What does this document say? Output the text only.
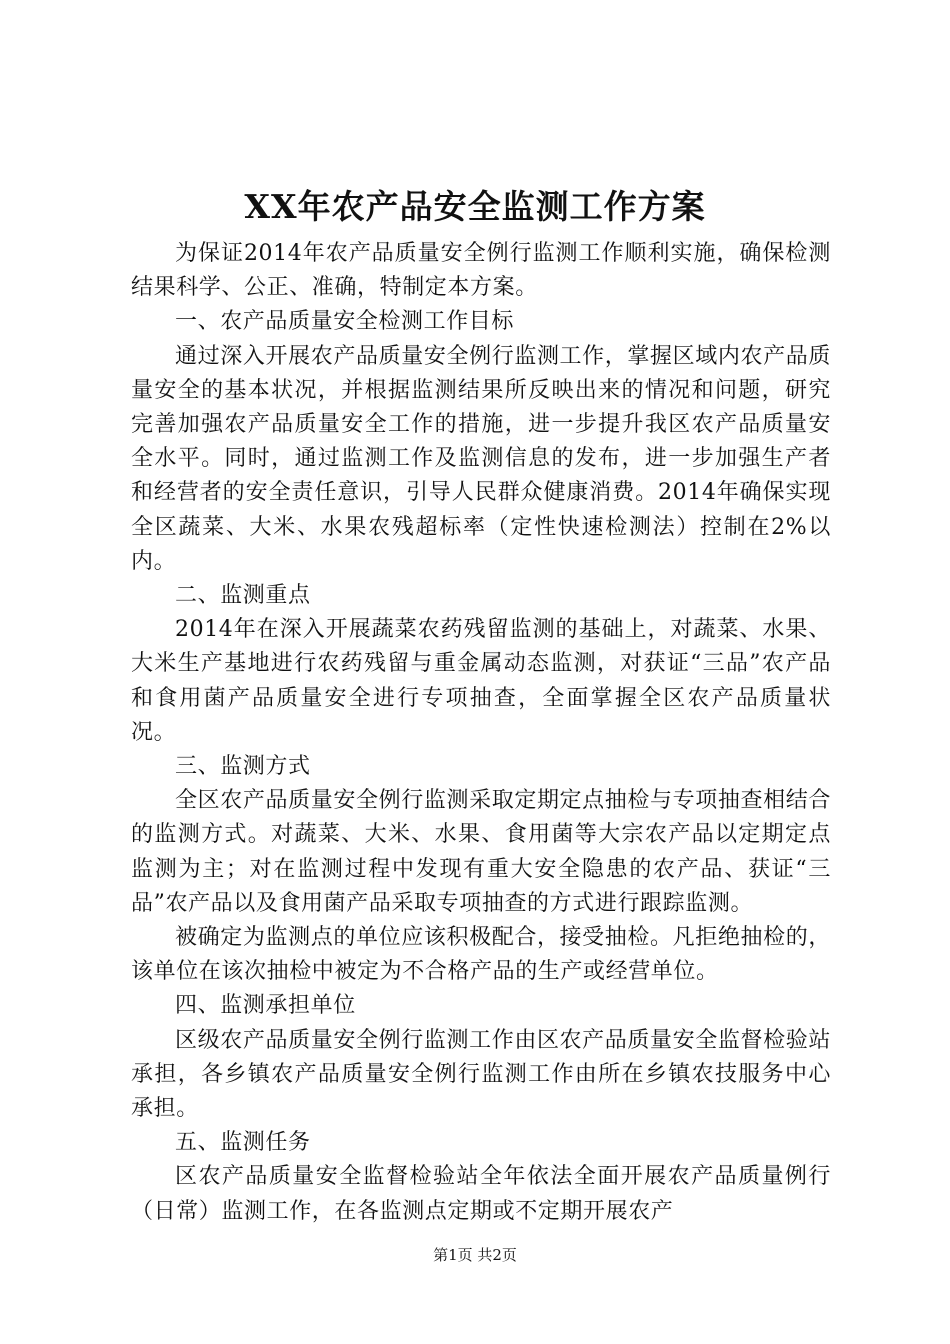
XX年农产品安全监测工作方案

为保证2014年农产品质量安全例行监测工作顺利实施，确保检测结果科学、公正、准确，特制定本方案。

一、农产品质量安全检测工作目标

通过深入开展农产品质量安全例行监测工作，掌握区域内农产品质量安全的基本状况，并根据监测结果所反映出来的情况和问题，研究完善加强农产品质量安全工作的措施，进一步提升我区农产品质量安全水平。同时，通过监测工作及监测信息的发布，进一步加强生产者和经营者的安全责任意识，引导人民群众健康消费。2014年确保实现全区蔬菜、大米、水果农残超标率（定性快速检测法）控制在2%以内。

二、监测重点

2014年在深入开展蔬菜农药残留监测的基础上，对蔬菜、水果、大米生产基地进行农药残留与重金属动态监测，对获证“三品”农产品和食用菌产品质量安全进行专项抽查，全面掌握全区农产品质量状况。

三、监测方式

全区农产品质量安全例行监测采取定期定点抽检与专项抽查相结合的监测方式。对蔬菜、大米、水果、食用菌等大宗农产品以定期定点监测为主；对在监测过程中发现有重大安全隐患的农产品、获证“三品”农产品以及食用菌产品采取专项抽查的方式进行跟踪监测。

被确定为监测点的单位应该积极配合，接受抽检。凡拒绝抽检的，该单位在该次抽检中被定为不合格产品的生产或经营单位。

四、监测承担单位

区级农产品质量安全例行监测工作由区农产品质量安全监督检验站承担，各乡镇农产品质量安全例行监测工作由所在乡镇农技服务中心承担。

五、监测任务

区农产品质量安全监督检验站全年依法全面开展农产品质量例行（日常）监测工作，在各监测点定期或不定期开展农产

第1页 共2页
